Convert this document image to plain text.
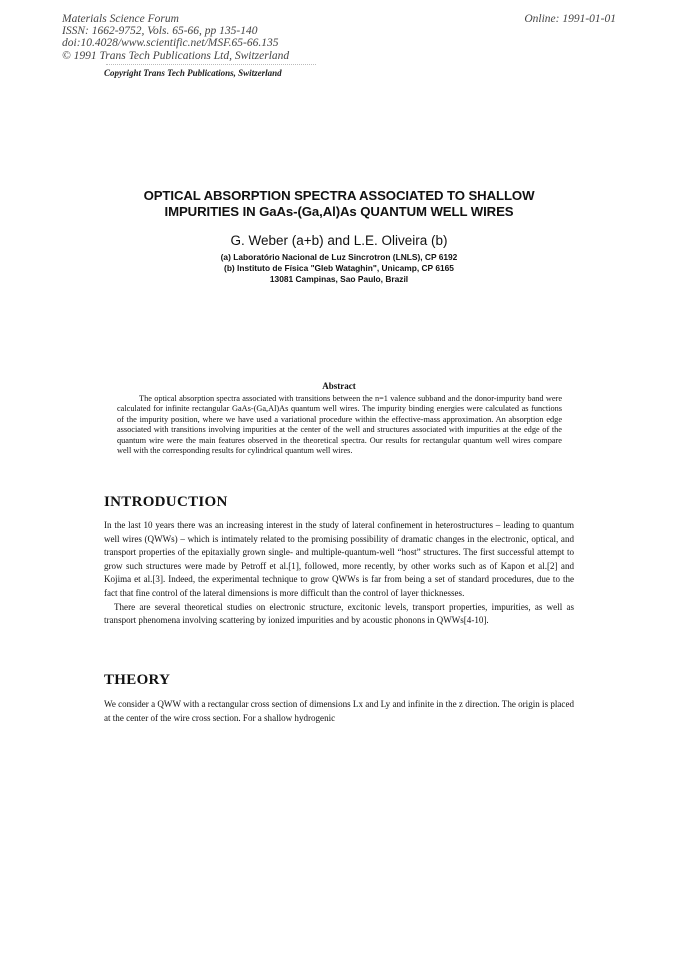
Materials Science Forum
ISSN: 1662-9752, Vols. 65-66, pp 135-140
doi:10.4028/www.scientific.net/MSF.65-66.135
© 1991 Trans Tech Publications Ltd, Switzerland
Online: 1991-01-01
Copyright Trans Tech Publications, Switzerland
OPTICAL ABSORPTION SPECTRA ASSOCIATED TO SHALLOW
IMPURITIES IN GaAs-(Ga,Al)As QUANTUM WELL WIRES
G. Weber (a+b) and L.E. Oliveira (b)
(a) Laboratório Nacional de Luz Sincrotron (LNLS), CP 6192
(b) Instituto de Física "Gleb Wataghin", Unicamp, CP 6165
13081 Campinas, Sao Paulo, Brazil
Abstract

The optical absorption spectra associated with transitions between the n=1 valence subband and the donor-impurity band were calculated for infinite rectangular GaAs-(Ga,Al)As quantum well wires. The impurity binding energies were calculated as functions of the impurity position, where we have used a variational procedure within the effective-mass approximation. An absorption edge associated with transitions involving impurities at the center of the well and structures associated with impurities at the edge of the quantum wire were the main features observed in the theoretical spectra. Our results for rectangular quantum well wires compare well with the corresponding results for cylindrical quantum well wires.

INTRODUCTION

In the last 10 years there was an increasing interest in the study of lateral confinement in heterostructures – leading to quantum well wires (QWWs) – which is intimately related to the promising possibility of dramatic changes in the electronic, optical, and transport properties of the epitaxially grown single- and multiple-quantum-well “host” structures. The first successful attempt to grow such structures were made by Petroff et al.[1], followed, more recently, by other works such as of Kapon et al.[2] and Kojima et al.[3]. Indeed, the experimental technique to grow QWWs is far from being a set of standard procedures, due to the fact that fine control of the lateral dimensions is more difficult than the control of layer thicknesses.

There are several theoretical studies on electronic structure, excitonic levels, transport properties, impurities, as well as transport phenomena involving scattering by ionized impurities and by acoustic phonons in QWWs[4-10].

THEORY

We consider a QWW with a rectangular cross section of dimensions Lx and Ly and infinite in the z direction. The origin is placed at the center of the wire cross section. For a shallow hydrogenic
